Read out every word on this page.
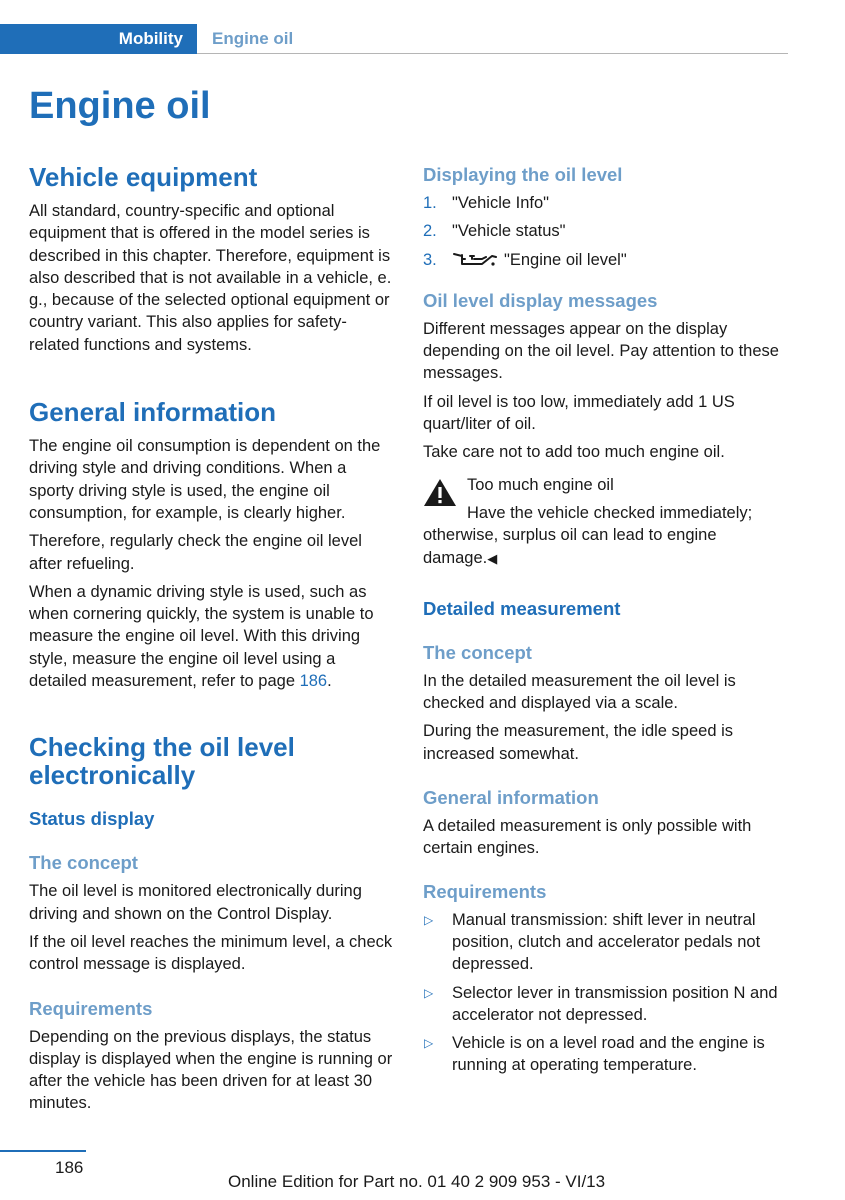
Mobility	Engine oil
Engine oil
Vehicle equipment

All standard, country-specific and optional equipment that is offered in the model series is described in this chapter. Therefore, equipment is also described that is not available in a vehicle, e. g., because of the selected optional equipment or country variant. This also applies for safety-related functions and systems.

General information

The engine oil consumption is dependent on the driving style and driving conditions. When a sporty driving style is used, the engine oil consumption, for example, is clearly higher.

Therefore, regularly check the engine oil level after refueling.

When a dynamic driving style is used, such as when cornering quickly, the system is unable to measure the engine oil level. With this driving style, measure the engine oil level using a detailed measurement, refer to page 186.

Checking the oil level electronically
Status display
The concept

The oil level is monitored electronically during driving and shown on the Control Display.

If the oil level reaches the minimum level, a check control message is displayed.

Requirements

Depending on the previous displays, the status display is displayed when the engine is running or after the vehicle has been driven for at least 30 minutes.

Displaying the oil level
1. "Vehicle Info"
2. "Vehicle status"
3.	"Engine oil level"
Oil level display messages

Different messages appear on the display depending on the oil level. Pay attention to these messages.

If oil level is too low, immediately add 1 US quart/liter of oil.

Take care not to add too much engine oil.

Too much engine oil

Have the vehicle checked immediately; otherwise, surplus oil can lead to engine damage.◀

Detailed measurement
The concept

In the detailed measurement the oil level is checked and displayed via a scale.

During the measurement, the idle speed is increased somewhat.

General information

A detailed measurement is only possible with certain engines.

Requirements
▷ Manual transmission: shift lever in neutral position, clutch and accelerator pedals not depressed.
▷ Selector lever in transmission position N and accelerator not depressed.
▷ Vehicle is on a level road and the engine is running at operating temperature.
186
Online Edition for Part no. 01 40 2 909 953 - VI/13
